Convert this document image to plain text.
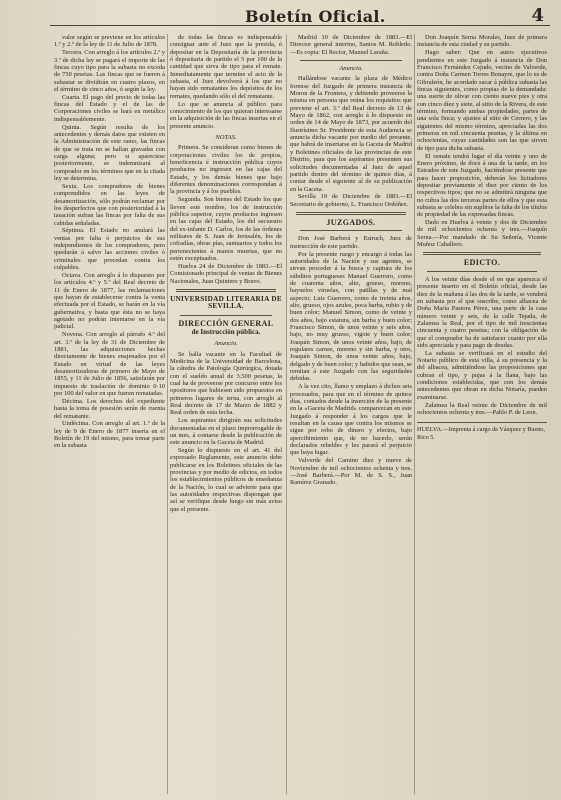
Boletín Oficial.	4

valor según se previene en los artículos 1.º y 2.º de la ley de 11 de Julio de 1878.

Tercera. Con arreglo á los artículos 2.º y 3.º de dicha ley se pagará el importe de las fincas cuyo tipo para la subasta no exceda de 750 pesetas. Las fincas que se fueren á subastar se dividirán en cuatro plazos, en el término de cinco años, ó según la ley.

Cuarta. El pago del precio de todas las fincas del Estado y el de las de Corporaciones civiles se hará en metálico indispensablemente.

Quinta. Según resulta de los antecedentes y demás datos que existen en la Administración de este ramo, las fincas de que se trata no se hallan gravadas con carga alguna; pero si apareciese posteriormente, se indemnizará al comprador en los términos que en la citada ley se determina.

Sexta. Los compradores de bienes comprendidos en las leyes de desamortización, sólo podrán reclamar por los desperfectos que con posterioridad á la tasación sufran las fincas por falta de sus cabidas señaladas.

Séptima. El Estado no anulará las ventas por falta ó perjuicios de sus independientes de los compradores, pero quedarán á salvo las acciones civiles ó criminales que procedan contra los culpables.

Octava. Con arreglo á lo dispuesto por los artículos 4.º y 5.º del Real decreto de 11 de Enero de 1877, las reclamaciones que hayan de establecerse contra la venta efectuada por el Estado, se harán en la vía gubernativa, y hasta que ésta no se haya agotado no podrán intentarse en la vía judicial.

Novena. Con arreglo al párrafo 4.º del art. 3.º de la ley de 31 de Diciembre de 1881, las adquisiciones hechas directamente de bienes enajenados por el Estado en virtud de las leyes desamortizadoras de primero de Mayo de 1855, y 11 de Julio de 1856, satisfarán por impuesto de traslación de dominio 0·10 por 100 del valor en que fueren rematadas.

Décima. Los derechos del expediente hasta la toma de posesión serán de cuenta del rematante.

Undécima. Con arreglo al art. 1.º de la ley de 9 de Enero de 1877 inserta en el Boletín de 19 del mismo, para tomar parte en la subasta

de todas las fincas es indispensable consignar ante el Juez que la presida, ó depositar en la Depositaría de la provincia ó depositaria de partido el 5 por 100 de la cantidad que sirva de tipo para el remate. Inmediatamente que termine el acto de la subasta, el Juez devolverá á los que no hayan sido rematantes los depósitos de los remates, quedando sólo el del rematante.

Lo que se anuncia al público para conocimiento de los que quieran interesarse en la adquisición de las fincas insertas en el presente anuncio.

NOTAS.

Primera. Se consideran como bienes de corporaciones civiles los de propios, beneficencia é instrucción pública cuyos productos no ingresen en las cajas del Estado, y los demás bienes que bajo diferentes denominaciones correspondan á la provincia y á los pueblos.

Segunda. Son bienes del Estado los que lleven este nombre, los de instrucción pública superior, cuyos productos ingresen en las cajas del Estado, los del secuestro del ex-infante D. Carlos, los de las órdenes militares de S. Juan de Jerusalén, los de cofradías, obras pías, santuarios y todos los pertenecientes á manos muertas, que no estén exceptuados.

Huelva 24 de Diciembre de 1883.—El Comisionado principal de ventas de Bienes Nacionales, Juan Quintero y Bravo.

UNIVERSIDAD LITERARIA DE SEVILLA.
DIRECCIÓN GENERAL
de Instrucción pública.
Anuncio.

Se halla vacante en la Facultad de Medicina de la Universidad de Barcelona, la cátedra de Patología Quirúrgica, dotada con el sueldo anual de 3.500 pesetas, la cual ha de proveerse por concurso entre los opositores que hubiesen sido propuestos en primeros lugares de terna, con arreglo al Real decreto de 17 de Marzo de 1882 y Real orden de esta fecha.

Los aspirantes dirigirán sus solicitudes documentadas en el plazo improrrogable de un mes, á contarse desde la publicación de este anuncio en la Gaceta de Madrid.

Según lo dispuesto en el art. 41 del expresado Reglamento, este anuncio debe publicarse en los Boletines oficiales de las provincias y por medio de edictos, en todos los establecimientos públicos de enseñanza de la Nación, lo cual se advierte para que las autoridades respectivas dispongan que así se verifique desde luego sin más aviso que el presente.

Madrid 10 de Diciembre de 1883.—El Director general interino, Santos M. Robledo.—Es copia: El Rector, Manuel Laraña.

Anuncio.

Hallándose vacante la plaza de Médico forense del Juzgado de primera instancia de Moron de la Frontera, y debiendo proveerse la misma en persona que reúna los requisitos que previene el art. 3.º del Real decreto de 13 de Mayo de 1862, con arreglo á lo dispuesto en orden de 14 de Mayo de 1873, por acuerdo del Ilustrísimo Sr. Presidente de esta Audiencia se anuncia dicha vacante por medio del presente, que habrá de insertarse en la Gaceta de Madrid y Boletines oficiales de las provincias de este Distrito, para que los aspirantes presenten sus solicitudes documentadas al Juez de aquel partido dentro del término de quince días, á contar desde el siguiente al de su publicación en la Gaceta.

Sevilla 19 de Diciembre de 1883.—El Secretario de gobierno, L. Francisco Ordóñez.

JUZGADOS.

Don José Barberá y Estruch, Juez de instrucción de este partido.

Por la presente ruego y encargo á todas las autoridades de la Nación y sus agentes, se sirvan proceder á la busca y captura de los súbditos portugueses Manuel Guerrero, como de cuarenta años, alto, grueso, moreno, hayuelos viruelas, con patillas y de mal aspecto; Luis Guerrero, como de treinta años, alto, grueso, ojos azules, poca barba, rubio y de buen color; Manuel Simon, como de veinte y dos años, bajo estatura, sin barba y buen color; Francisco Simon, de unos veinte y seis años, bajo, no muy grueso, vigote y buen color; Joaquín Simon, de unos veinte años, bajo, de regulares carnes, moreno y sin barba, y otro, Joaquín Simon, de unos veinte años, bajo, delgado y de buen color; y habidos que sean, se remitan á este Juzgado con las seguridades debidas.

A la vez cito, llamo y emplazo á dichos seis procesados, para que en el término de quince días, contados desde la inserción de la presente en la «Gaceta de Madrid» comparezcan en este Juzgado á responder á los cargos que le resultan en la causa que contra los mismos se sigue por robo de dinero y efectos, bajo apercibimiento que, de no hacerlo, serán declarados rebeldes y les parará el perjuicio que haya lugar.

Valverde del Camino diez y nueve de Noviembre de mil ochocientos ochenta y tres.—José Barberá.—Por M. de S. S., Juan Ramírez Granado.

Don Joaquín Serna Morales, Juez de primera instancia de esta ciudad y su partido.

Hago saber: Que en autos ejecutivos pendientes en este Juzgado á instancia de Don Francisco Fernández Cejudo, vecino de Valverde, contra Doña Carmen Torres Bonayre, que lo es de Gibraleón, he acordado sacar á pública subasta las fincas siguientes, como propias de la demandada: una suerte de olivar con ciento nueve pies y otra con cinco díez y siete, al sitio de la Rivera, de este término, formando ambas propiedades, partes de una sola finca; y ajustes al sitio de Cerrero, y las siguientes del mismo término, apreciadas las dos primeras en mil cincuenta pesetas, y la última en ochocientas, cuyas cantidades son las que sirven de tipo para dicha subasta.

El remate tendrá lugar el día veinte y uno de Enero próximo, de doce á una de la tarde, en los Estrados de este Juzgado, haciéndose presente que para hacer proposición, deberán los licitadores depositar previamente el diez por ciento de los respectivos tipos; que no se admitirá ninguna que no cubra las dos terceras partes de ellos y que esta subasta se celebra sin suplirse la falta de los títulos de propiedad de las expresadas fincas.

Dado en Huelva á veinte y dos de Diciembre de mil ochocientos ochenta y tres.—Joaquín Serna.—Por mandado de Su Señoría, Vicente Muñoz Caballero.

EDICTO.

A los veinte días desde el en que aparezca el presente inserto en el Boletín oficial, desde las diez de la mañana á las dos de la tarde, se venderá en subasta por el que suscribe, como albacea de Doña María Pastora Pérez, una parte de la casa número veinte y seis, de la calle Tejada, de Zalamea la Real, por el tipo de mil trescientas cincuenta y cuatro pesetas; con la obligación de que el comprador ha de satisfacer cuanto por ella sido apreciada y para pago de deudas.

La subasta se verificará en el estudio del Notario público de esta villa, á su presencia y la del albacea, admitiéndose las proposiciones que cubran el tipo, y pujas á la llana, bajo las condiciones establecidas, que con los demás antecedentes que obran en dicha Notaría, pueden examinarse.

Zalamea la Real veinte de Diciembre de mil ochocientos ochenta y tres.—Pablo P. de Leon.

HUELVA.—Imprenta á cargo de Vázquez y Bueno, Rico 5.
